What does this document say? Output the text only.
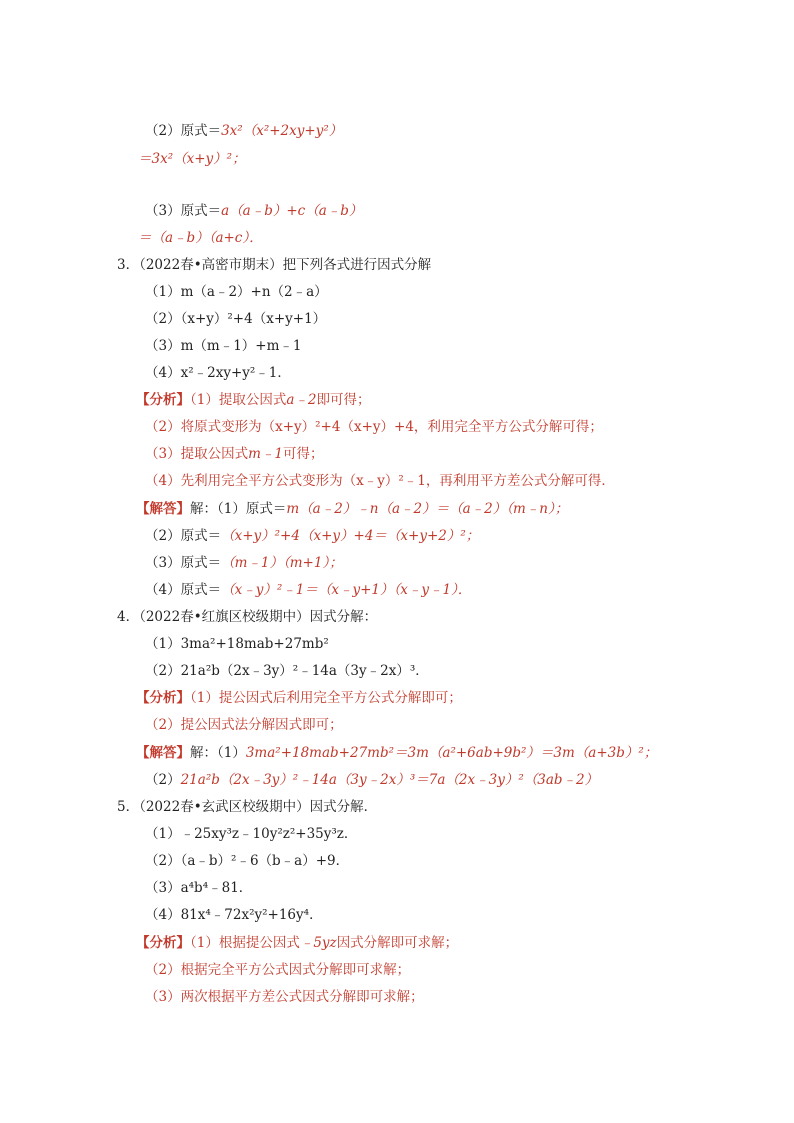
（2）原式＝3x²（x²+2xy+y²）
＝3x²（x+y）²；
（3）原式＝a（a﹣b）+c（a﹣b）
＝（a﹣b）（a+c）．
3．（2022春•高密市期末）把下列各式进行因式分解
（1）m（a﹣2）+n（2﹣a）
（2）（x+y）²+4（x+y+1）
（3）m（m﹣1）+m﹣1
（4）x²﹣2xy+y²﹣1．
【分析】（1）提取公因式a﹣2即可得；
（2）将原式变形为（x+y）²+4（x+y）+4，利用完全平方公式分解可得；
（3）提取公因式m﹣1可得；
（4）先利用完全平方公式变形为（x﹣y）²﹣1，再利用平方差公式分解可得．
【解答】解：（1）原式＝m（a﹣2）﹣n（a﹣2）＝（a﹣2）（m﹣n）；
（2）原式＝（x+y）²+4（x+y）+4＝（x+y+2）²；
（3）原式＝（m﹣1）（m+1）；
（4）原式＝（x﹣y）²﹣1＝（x﹣y+1）（x﹣y﹣1）．
4．（2022春•红旗区校级期中）因式分解：
（1）3ma²+18mab+27mb²
（2）21a²b（2x﹣3y）²﹣14a（3y﹣2x）³．
【分析】（1）提公因式后利用完全平方公式分解即可；
（2）提公因式法分解因式即可；
【解答】解：（1）3ma²+18mab+27mb²＝3m（a²+6ab+9b²）＝3m（a+3b）²；
（2）21a²b（2x﹣3y）²﹣14a（3y﹣2x）³＝7a（2x﹣3y）²（3ab﹣2）
5．（2022春•玄武区校级期中）因式分解．
（1）﹣25xy³z﹣10y²z²+35y³z．
（2）（a﹣b）²﹣6（b﹣a）+9．
（3）a⁴b⁴﹣81．
（4）81x⁴﹣72x²y²+16y⁴．
【分析】（1）根据提公因式﹣5yz因式分解即可求解；
（2）根据完全平方公式因式分解即可求解；
（3）两次根据平方差公式因式分解即可求解；
